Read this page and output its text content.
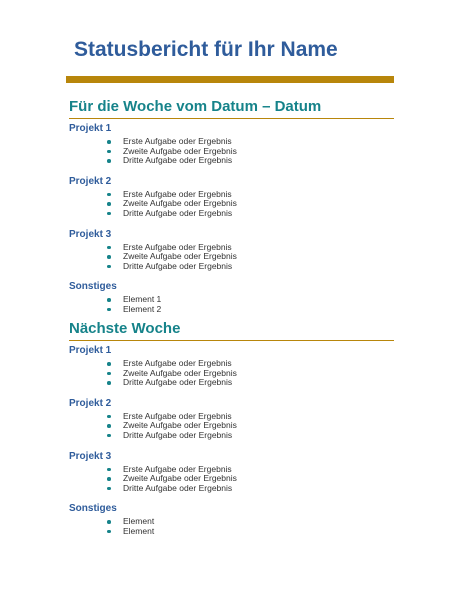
Statusbericht für Ihr Name
Für die Woche vom Datum – Datum
Projekt 1
Erste Aufgabe oder Ergebnis
Zweite Aufgabe oder Ergebnis
Dritte Aufgabe oder Ergebnis
Projekt 2
Erste Aufgabe oder Ergebnis
Zweite Aufgabe oder Ergebnis
Dritte Aufgabe oder Ergebnis
Projekt 3
Erste Aufgabe oder Ergebnis
Zweite Aufgabe oder Ergebnis
Dritte Aufgabe oder Ergebnis
Sonstiges
Element 1
Element 2
Nächste Woche
Projekt 1
Erste Aufgabe oder Ergebnis
Zweite Aufgabe oder Ergebnis
Dritte Aufgabe oder Ergebnis
Projekt 2
Erste Aufgabe oder Ergebnis
Zweite Aufgabe oder Ergebnis
Dritte Aufgabe oder Ergebnis
Projekt 3
Erste Aufgabe oder Ergebnis
Zweite Aufgabe oder Ergebnis
Dritte Aufgabe oder Ergebnis
Sonstiges
Element
Element
